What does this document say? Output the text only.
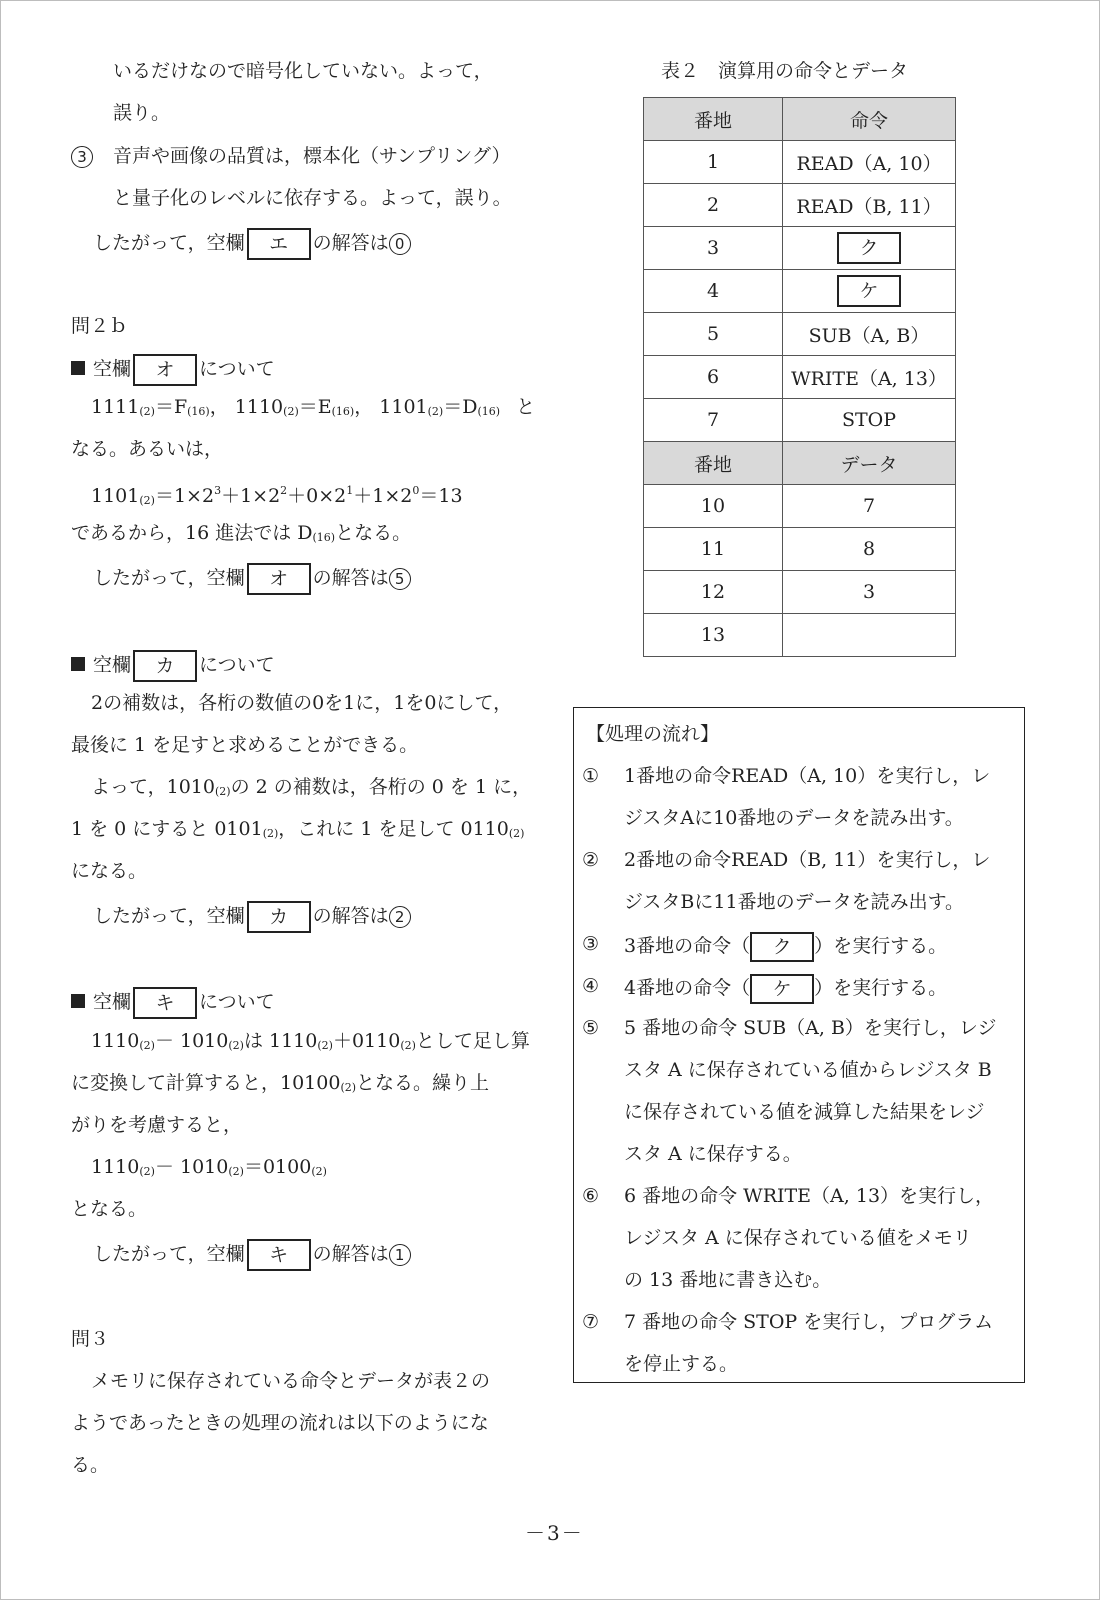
いるだけなので暗号化していない。よって，
誤り。
3	音声や画像の品質は，標本化（サンプリング）
と量子化のレベルに依存する。よって，誤り。
したがって，空欄 エ の解答は 0
問２ｂ
空欄 オ について
1111(2)＝F(16)， 1110(2)＝E(16)， 1101(2)＝D(16) と
なる。あるいは，
$1101(2)=1\times 2^3+1\times 2^2+0\times 2^1+1\times 2^0=13$
であるから，16 進法では D(16)となる。
したがって，空欄 オ の解答は 5
空欄 カ について
2の補数は，各桁の数値の0を1に，1を0にして，
最後に 1 を足すと求めることができる。
よって，1010(2)の 2 の補数は，各桁の 0 を 1 に，
1 を 0 にすると 0101(2)，これに 1 を足して 0110(2)
になる。
したがって，空欄 カ の解答は 2
空欄 キ について
1110(2)－ 1010(2)は 1110(2)＋0110(2)として足し算
に変換して計算すると，10100(2)となる。繰り上
がりを考慮すると，
1110(2)－ 1010(2)＝0100(2)
となる。
したがって，空欄 キ の解答は 1
問３
メモリに保存されている命令とデータが表２の
ようであったときの処理の流れは以下のようにな
る。
表２　演算用の命令とデータ
番地	命令
1	READ（A, 10）
2	READ（B, 11）
3	ク
4	ケ
5	SUB（A, B）
6	WRITE（A, 13）
7	STOP
番地	データ
10	7
11	8
12	3
13	
【処理の流れ】
① 1番地の命令READ（A, 10）を実行し，レ
ジスタAに10番地のデータを読み出す。
② 2番地の命令READ（B, 11）を実行し，レ
ジスタBに11番地のデータを読み出す。
③ 3番地の命令（ ク ）を実行する。
④ 4番地の命令（ ケ ）を実行する。
⑤ 5 番地の命令 SUB（A, B）を実行し，レジ
スタ A に保存されている値からレジスタ B
に保存されている値を減算した結果をレジ
スタ A に保存する。
⑥ 6 番地の命令 WRITE（A, 13）を実行し，
レジスタ A に保存されている値をメモリ
の 13 番地に書き込む。
⑦ 7 番地の命令 STOP を実行し，プログラム
を停止する。
－3－
